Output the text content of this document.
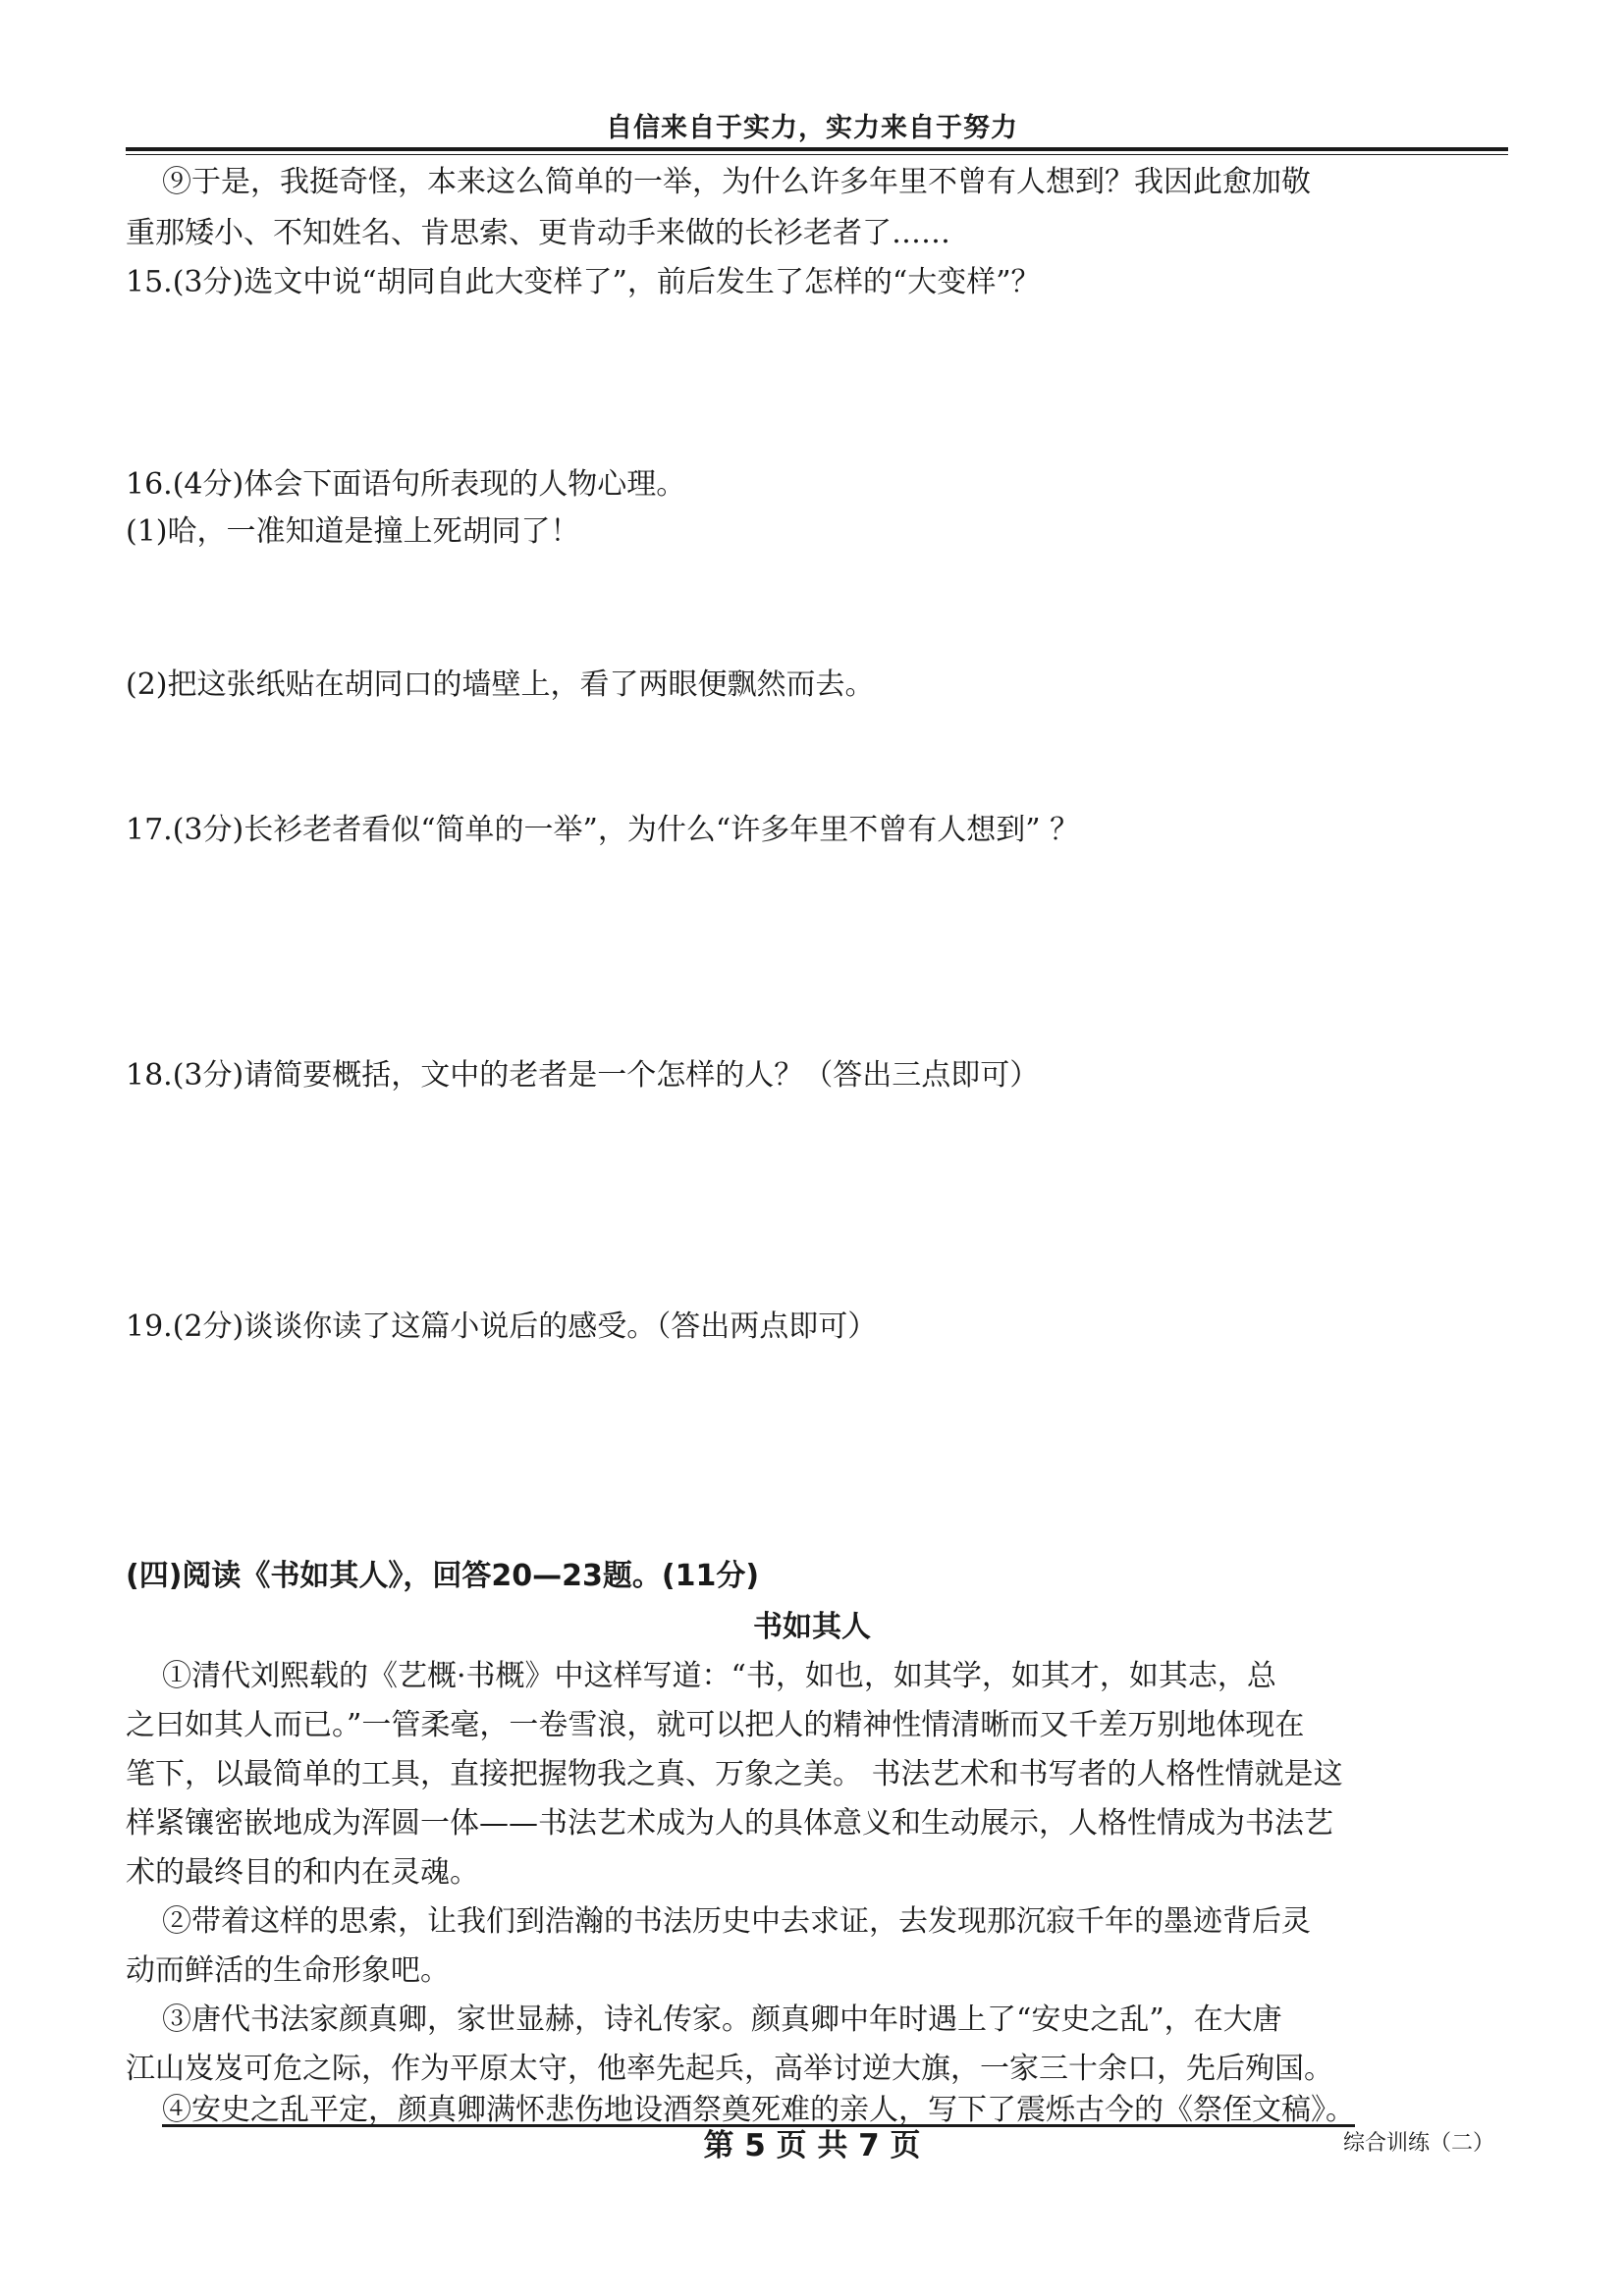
自信来自于实力，实力来自于努力
⑨于是，我挺奇怪，本来这么简单的一举，为什么许多年里不曾有人想到？我因此愈加敬
重那矮小、不知姓名、肯思索、更肯动手来做的长衫老者了……
15.(3分)选文中说“胡同自此大变样了”，前后发生了怎样的“大变样”？
16.(4分)体会下面语句所表现的人物心理。
(1)哈，一准知道是撞上死胡同了！
(2)把这张纸贴在胡同口的墙壁上，看了两眼便飘然而去。
17.(3分)长衫老者看似“简单的一举”，为什么“许多年里不曾有人想到” ？
18.(3分)请简要概括，文中的老者是一个怎样的人？（答出三点即可）
19.(2分)谈谈你读了这篇小说后的感受。（答出两点即可）
(四)阅读《书如其人》，回答20—23题。(11分)
书如其人
①清代刘熙载的《艺概·书概》中这样写道：“书，如也，如其学，如其才，如其志，总
之曰如其人而已。”一管柔毫，一卷雪浪，就可以把人的精神性情清晰而又千差万别地体现在
笔下，以最简单的工具，直接把握物我之真、万象之美。 书法艺术和书写者的人格性情就是这
样紧镶密嵌地成为浑圆一体——书法艺术成为人的具体意义和生动展示，人格性情成为书法艺
术的最终目的和内在灵魂。
②带着这样的思索，让我们到浩瀚的书法历史中去求证，去发现那沉寂千年的墨迹背后灵
动而鲜活的生命形象吧。
③唐代书法家颜真卿，家世显赫，诗礼传家。颜真卿中年时遇上了“安史之乱”，在大唐
江山岌岌可危之际，作为平原太守，他率先起兵，高举讨逆大旗，一家三十余口，先后殉国。
④安史之乱平定，颜真卿满怀悲伤地设酒祭奠死难的亲人，写下了震烁古今的《祭侄文稿》。
第 5 页 共 7 页	综合训练（二）
